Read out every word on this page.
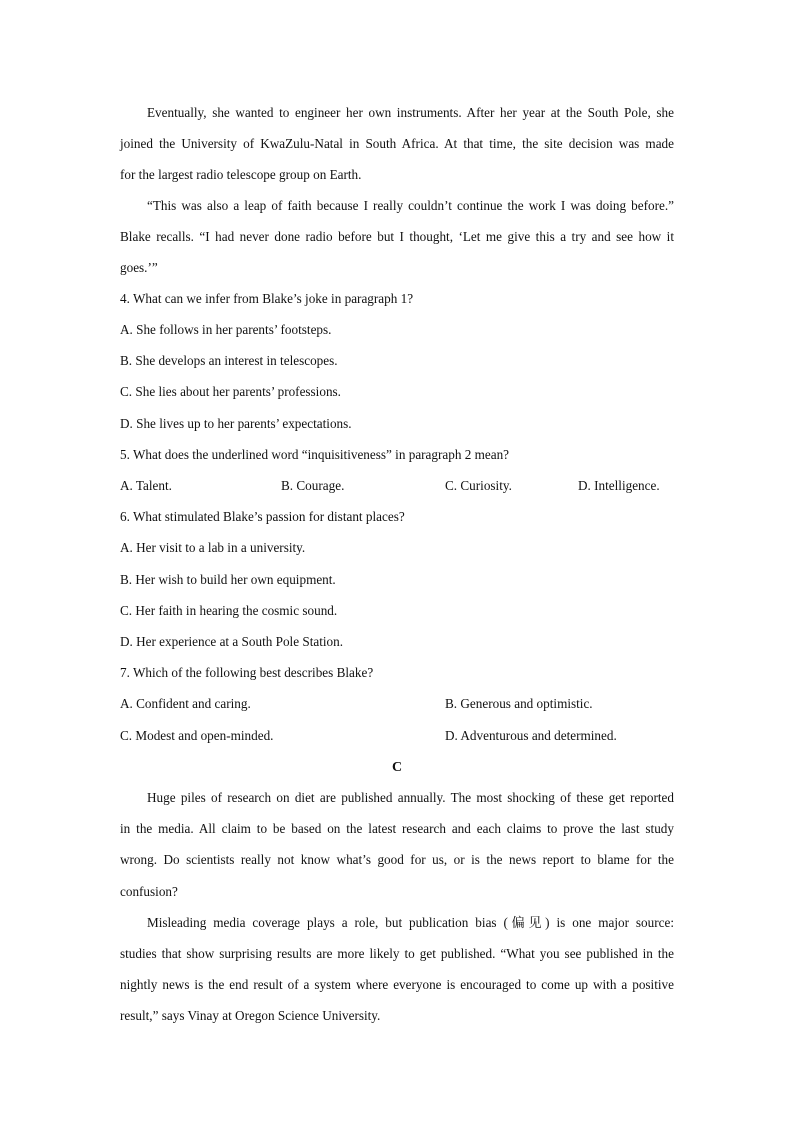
Eventually, she wanted to engineer her own instruments. After her year at the South Pole, she
joined the University of KwaZulu-Natal in South Africa. At that time, the site decision was made
for the largest radio telescope group on Earth.
“This was also a leap of faith because I really couldn’t continue the work I was doing before.”
Blake recalls. “I had never done radio before but I thought, ‘Let me give this a try and see how it
goes.’”
4. What can we infer from Blake’s joke in paragraph 1?
A. She follows in her parents’ footsteps.
B. She develops an interest in telescopes.
C. She lies about her parents’ professions.
D. She lives up to her parents’ expectations.
5. What does the underlined word “inquisitiveness” in paragraph 2 mean?
A. Talent.	B. Courage.	C. Curiosity.	D. Intelligence.
6. What stimulated Blake’s passion for distant places?
A. Her visit to a lab in a university.
B. Her wish to build her own equipment.
C. Her faith in hearing the cosmic sound.
D. Her experience at a South Pole Station.
7. Which of the following best describes Blake?
A. Confident and caring.	B. Generous and optimistic.
C. Modest and open-minded.	D. Adventurous and determined.
C
Huge piles of research on diet are published annually. The most shocking of these get reported
in the media. All claim to be based on the latest research and each claims to prove the last study
wrong. Do scientists really not know what’s good for us, or is the news report to blame for the
confusion?
Misleading media coverage plays a role, but publication bias (偏见) is one major source:
studies that show surprising results are more likely to get published. “What you see published in the
nightly news is the end result of a system where everyone is encouraged to come up with a positive
result,” says Vinay at Oregon Science University.
